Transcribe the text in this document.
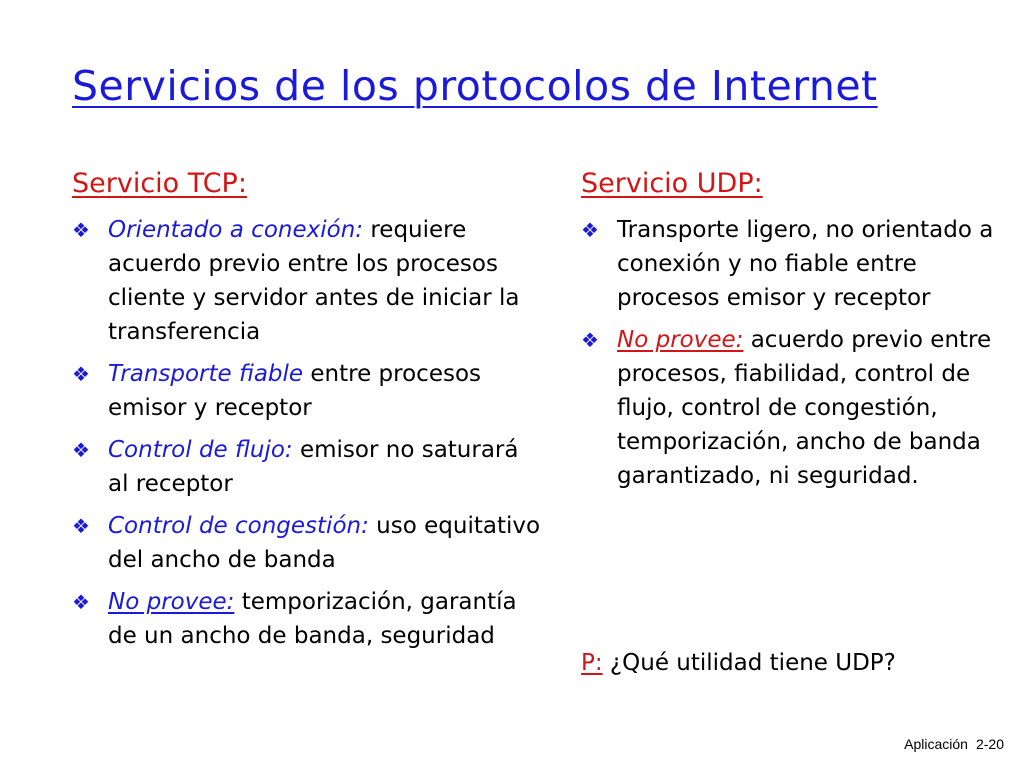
Servicios de los protocolos de Internet
Servicio TCP:
❖ Orientado a conexión: requiere acuerdo previo entre los procesos cliente y servidor antes de iniciar la transferencia
❖ Transporte fiable entre procesos emisor y receptor
❖ Control de flujo: emisor no saturará al receptor
❖ Control de congestión: uso equitativo del ancho de banda
❖ No provee: temporización, garantía de un ancho de banda, seguridad
Servicio UDP:
❖ Transporte ligero, no orientado a conexión y no fiable entre procesos emisor y receptor
❖ No provee: acuerdo previo entre procesos, fiabilidad, control de flujo, control de congestión, temporización, ancho de banda garantizado, ni seguridad.
P: ¿Qué utilidad tiene UDP?
Aplicación 2-20
